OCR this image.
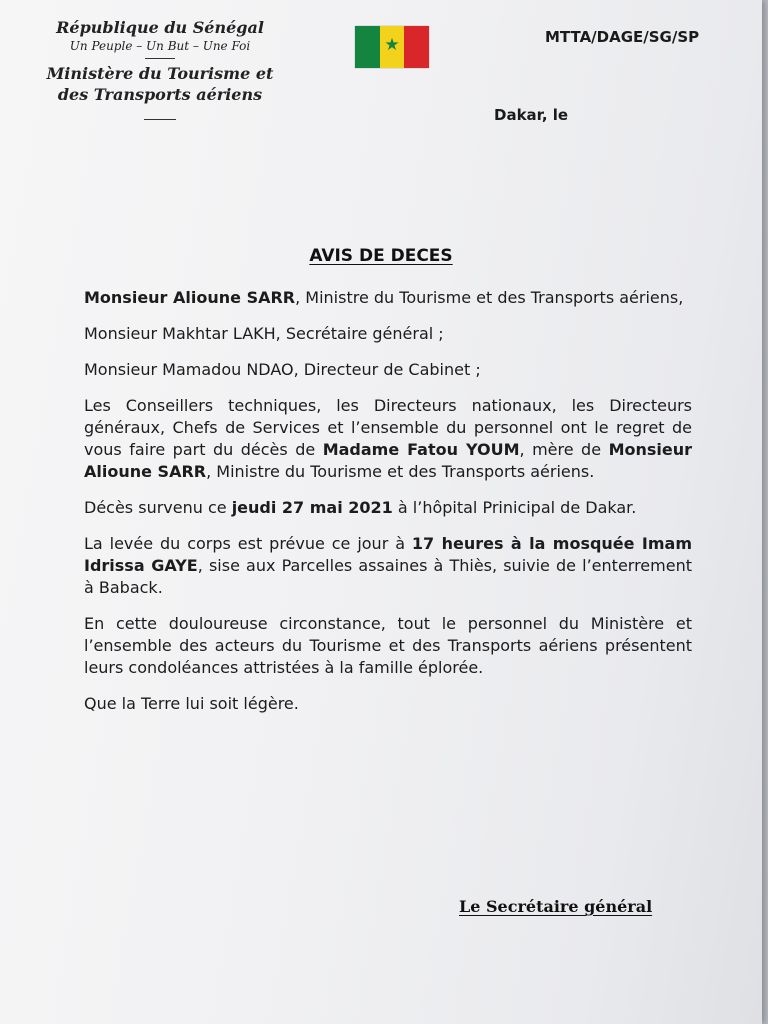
République du Sénégal
Un Peuple – Un But – Une Foi
Ministère du Tourisme et
des Transports aériens
★	MTTA/DAGE/SG/SP
Dakar, le
AVIS DE DECES

Monsieur Alioune SARR, Ministre du Tourisme et des Transports aériens,

Monsieur Makhtar LAKH, Secrétaire général ;

Monsieur Mamadou NDAO, Directeur de Cabinet ;

Les Conseillers techniques, les Directeurs nationaux, les Directeurs généraux, Chefs de Services et l’ensemble du personnel ont le regret de vous faire part du décès de Madame Fatou YOUM, mère de Monsieur Alioune SARR, Ministre du Tourisme et des Transports aériens.

Décès survenu ce jeudi 27 mai 2021 à l’hôpital Prinicipal de Dakar.

La levée du corps est prévue ce jour à 17 heures à la mosquée Imam Idrissa GAYE, sise aux Parcelles assaines à Thiès, suivie de l’enterrement à Baback.

En cette douloureuse circonstance, tout le personnel du Ministère et l’ensemble des acteurs du Tourisme et des Transports aériens présentent leurs condoléances attristées à la famille éplorée.

Que la Terre lui soit légère.

Le Secrétaire général
